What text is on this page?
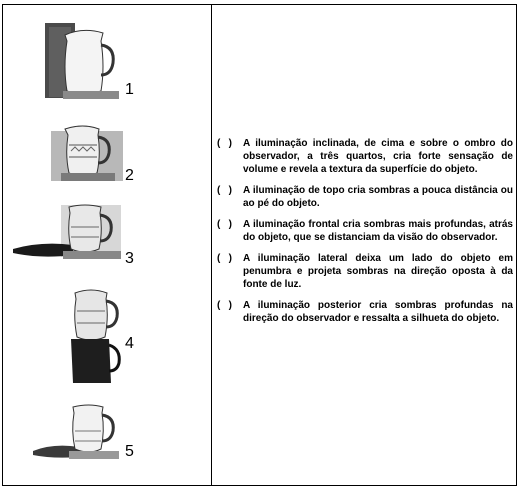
1
2
3
4
5
(   )	A iluminação inclinada, de cima e sobre o ombro do observador, a três quartos, cria forte sensação de volume e revela a textura da superfície do objeto.
(   )	A iluminação de topo cria sombras a pouca distância ou ao pé do objeto.
(   )	A iluminação frontal cria sombras mais profundas, atrás do objeto, que se distanciam da visão do observador.
(   )	A iluminação lateral deixa um lado do objeto em penumbra e projeta sombras na direção oposta à da fonte de luz.
(   )	A iluminação posterior cria sombras profundas na direção do observador e ressalta a silhueta do objeto.
